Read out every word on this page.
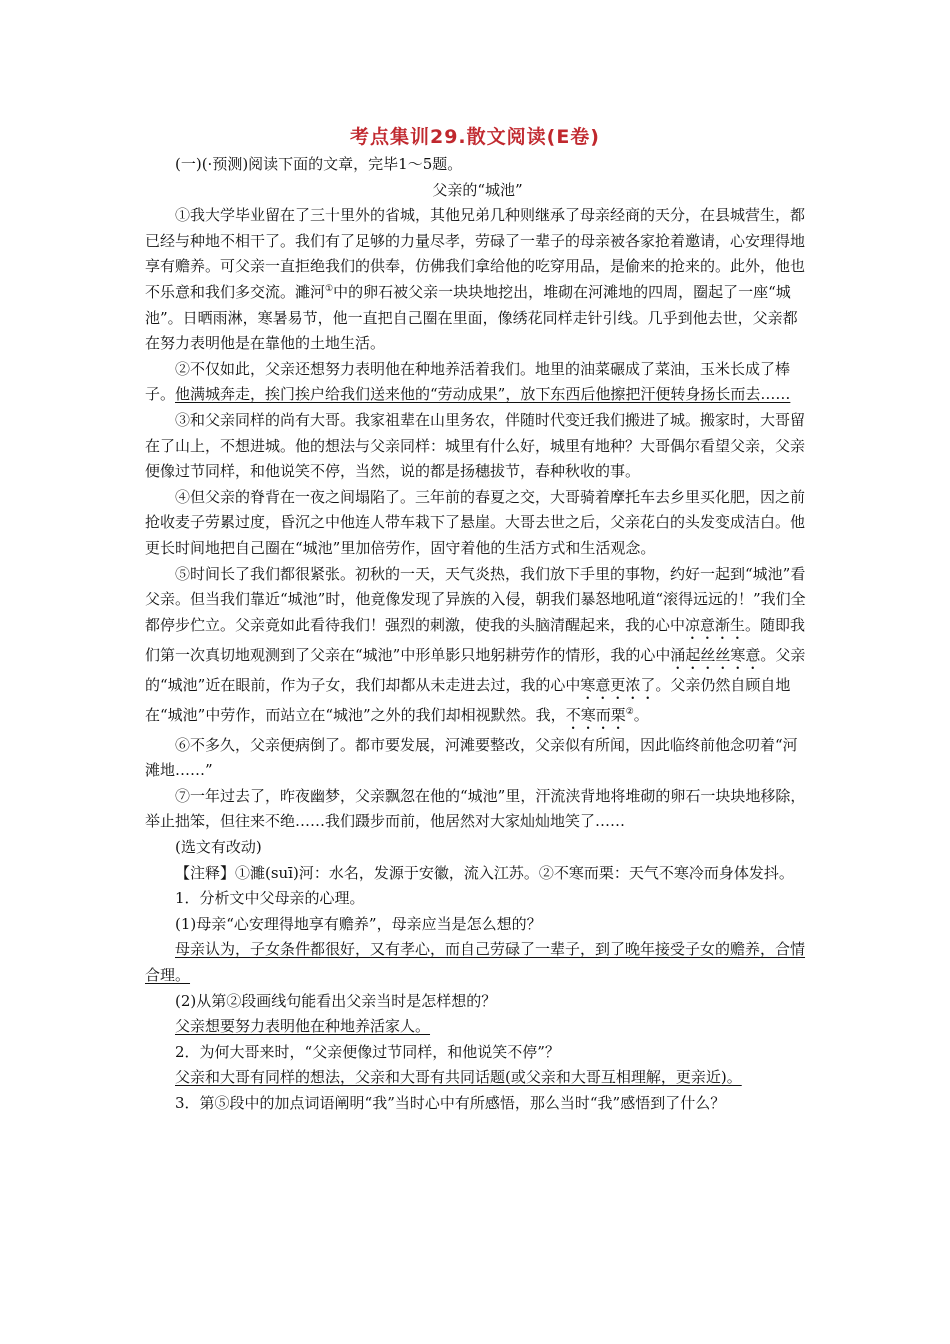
考点集训29.散文阅读(E卷)

(一)(·预测)阅读下面的文章，完毕1～5题。

父亲的“城池”

①我大学毕业留在了三十里外的省城，其他兄弟几种则继承了母亲经商的天分，在县城营生，都已经与种地不相干了。我们有了足够的力量尽孝，劳碌了一辈子的母亲被各家抢着邀请，心安理得地享有赡养。可父亲一直拒绝我们的供奉，仿佛我们拿给他的吃穿用品，是偷来的抢来的。此外，他也不乐意和我们多交流。濉河①中的卵石被父亲一块块地挖出，堆砌在河滩地的四周，圈起了一座“城池”。日晒雨淋，寒暑易节，他一直把自己圈在里面，像绣花同样走针引线。几乎到他去世，父亲都在努力表明他是在靠他的土地生活。

②不仅如此，父亲还想努力表明他在种地养活着我们。地里的油菜碾成了菜油，玉米长成了棒子。他满城奔走，挨门挨户给我们送来他的“劳动成果”，放下东西后他擦把汗便转身扬长而去……

③和父亲同样的尚有大哥。我家祖辈在山里务农，伴随时代变迁我们搬进了城。搬家时，大哥留在了山上，不想进城。他的想法与父亲同样：城里有什么好，城里有地种？大哥偶尔看望父亲，父亲便像过节同样，和他说笑不停，当然，说的都是扬穗拔节，春种秋收的事。

④但父亲的脊背在一夜之间塌陷了。三年前的春夏之交，大哥骑着摩托车去乡里买化肥，因之前抢收麦子劳累过度，昏沉之中他连人带车栽下了悬崖。大哥去世之后，父亲花白的头发变成洁白。他更长时间地把自己圈在“城池”里加倍劳作，固守着他的生活方式和生活观念。

⑤时间长了我们都很紧张。初秋的一天，天气炎热，我们放下手里的事物，约好一起到“城池”看父亲。但当我们靠近“城池”时，他竟像发现了异族的入侵，朝我们暴怒地吼道“滚得远远的！”我们全都停步伫立。父亲竟如此看待我们！强烈的刺激，使我的头脑清醒起来，我的心中凉意渐生。随即我们第一次真切地观测到了父亲在“城池”中形单影只地躬耕劳作的情形，我的心中涌起丝丝寒意。父亲的“城池”近在眼前，作为子女，我们却都从未走进去过，我的心中寒意更浓了。父亲仍然自顾自地在“城池”中劳作，而站立在“城池”之外的我们却相视默然。我，不寒而栗②。

⑥不多久，父亲便病倒了。都市要发展，河滩要整改，父亲似有所闻，因此临终前他念叨着“河滩地……”

⑦一年过去了，昨夜幽梦，父亲飘忽在他的“城池”里，汗流浃背地将堆砌的卵石一块块地移除，举止拙笨，但往来不绝……我们蹑步而前，他居然对大家灿灿地笑了……

(选文有改动)

【注释】①濉(suī)河：水名，发源于安徽，流入江苏。②不寒而栗：天气不寒冷而身体发抖。

1．分析文中父母亲的心理。

(1)母亲“心安理得地享有赡养”，母亲应当是怎么想的？

母亲认为，子女条件都很好，又有孝心，而自己劳碌了一辈子，到了晚年接受子女的赡养，合情合理。

(2)从第②段画线句能看出父亲当时是怎样想的？

父亲想要努力表明他在种地养活家人。

2．为何大哥来时，“父亲便像过节同样，和他说笑不停”？

父亲和大哥有同样的想法，父亲和大哥有共同话题(或父亲和大哥互相理解，更亲近)。

3．第⑤段中的加点词语阐明“我”当时心中有所感悟，那么当时“我”感悟到了什么？
